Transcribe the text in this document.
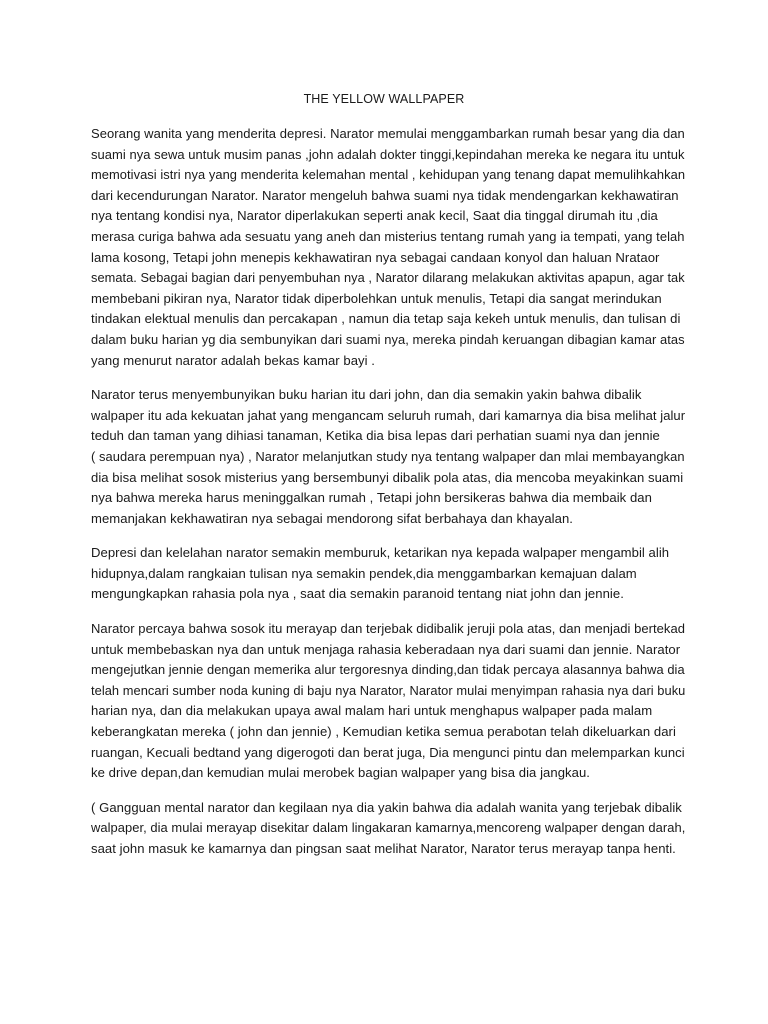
THE YELLOW WALLPAPER
Seorang wanita yang menderita depresi. Narator memulai menggambarkan rumah besar yang dia dan
suami nya sewa untuk musim panas ,john adalah dokter tinggi,kepindahan mereka ke negara itu untuk
memotivasi istri nya yang menderita kelemahan mental , kehidupan yang tenang dapat memulihkahkan
dari kecendurungan Narator. Narator mengeluh bahwa suami nya tidak mendengarkan kekhawatiran
nya tentang kondisi nya, Narator diperlakukan seperti anak kecil, Saat dia tinggal dirumah itu ,dia
merasa curiga bahwa ada sesuatu yang aneh dan misterius tentang rumah yang ia tempati, yang telah
lama kosong, Tetapi john menepis kekhawatiran nya sebagai candaan konyol dan haluan Nrataor
semata. Sebagai bagian dari penyembuhan nya , Narator dilarang melakukan aktivitas apapun, agar tak
membebani pikiran nya, Narator tidak diperbolehkan untuk menulis, Tetapi dia sangat merindukan
tindakan elektual menulis dan percakapan , namun dia tetap saja kekeh untuk menulis, dan tulisan di
dalam buku harian yg dia sembunyikan dari suami nya, mereka pindah keruangan dibagian kamar atas
yang menurut narator adalah bekas kamar bayi .
Narator terus menyembunyikan buku harian itu dari john, dan dia semakin yakin bahwa dibalik
walpaper itu ada kekuatan jahat yang mengancam seluruh rumah, dari kamarnya dia bisa melihat jalur
teduh dan taman yang dihiasi tanaman, Ketika dia bisa lepas dari perhatian suami nya dan jennie
( saudara perempuan nya) , Narator melanjutkan study nya tentang walpaper dan mlai membayangkan
dia bisa melihat sosok misterius yang bersembunyi dibalik pola atas, dia mencoba meyakinkan suami
nya bahwa mereka harus meninggalkan rumah , Tetapi john bersikeras bahwa dia membaik dan
memanjakan kekhawatiran nya sebagai mendorong sifat berbahaya dan khayalan.
Depresi dan kelelahan narator semakin memburuk, ketarikan nya kepada walpaper mengambil alih
hidupnya,dalam rangkaian tulisan nya semakin pendek,dia menggambarkan kemajuan dalam
mengungkapkan rahasia pola nya , saat dia semakin paranoid tentang niat john dan jennie.
Narator percaya bahwa sosok itu merayap dan terjebak didibalik jeruji pola atas, dan menjadi bertekad
untuk membebaskan nya dan untuk menjaga rahasia keberadaan nya dari suami dan jennie. Narator
mengejutkan jennie dengan memerika alur tergoresnya dinding,dan tidak percaya alasannya bahwa dia
telah mencari sumber noda kuning di baju nya Narator, Narator mulai menyimpan rahasia nya dari buku
harian nya, dan dia melakukan upaya awal malam hari untuk menghapus walpaper pada malam
keberangkatan mereka ( john dan jennie) , Kemudian ketika semua perabotan telah dikeluarkan dari
ruangan, Kecuali bedtand yang digerogoti dan berat juga, Dia mengunci pintu dan melemparkan kunci
ke drive depan,dan kemudian mulai merobek bagian walpaper yang bisa dia jangkau.
( Gangguan mental narator dan kegilaan nya dia yakin bahwa dia adalah wanita yang terjebak dibalik
walpaper, dia mulai merayap disekitar dalam lingakaran kamarnya,mencoreng walpaper dengan darah,
saat john masuk ke kamarnya dan pingsan saat melihat Narator, Narator terus merayap tanpa henti.
